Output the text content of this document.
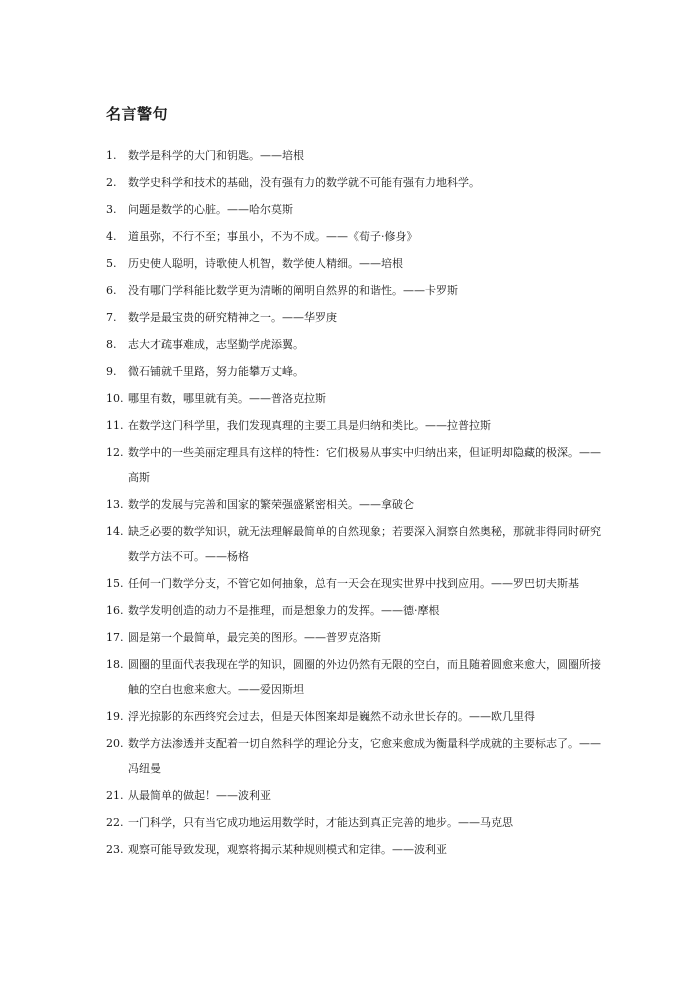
名言警句
1.	数学是科学的大门和钥匙。——培根
2.	数学史科学和技术的基础，没有强有力的数学就不可能有强有力地科学。
3.	问题是数学的心脏。——哈尔莫斯
4.	道虽弥，不行不至；事虽小，不为不成。——《荀子·修身》
5.	历史使人聪明，诗歌使人机智，数学使人精细。——培根
6.	没有哪门学科能比数学更为清晰的阐明自然界的和谐性。——卡罗斯
7.	数学是最宝贵的研究精神之一。——华罗庚
8.	志大才疏事难成，志坚勤学虎添翼。
9.	微石铺就千里路，努力能攀万丈峰。
10. 哪里有数，哪里就有美。——普洛克拉斯
11. 在数学这门科学里，我们发现真理的主要工具是归纳和类比。——拉普拉斯
12. 数学中的一些美丽定理具有这样的特性：它们极易从事实中归纳出来，但证明却隐藏的极深。——高斯
13. 数学的发展与完善和国家的繁荣强盛紧密相关。——拿破仑
14. 缺乏必要的数学知识，就无法理解最简单的自然现象；若要深入洞察自然奥秘，那就非得同时研究数学方法不可。——杨格
15. 任何一门数学分支，不管它如何抽象，总有一天会在现实世界中找到应用。——罗巴切夫斯基
16. 数学发明创造的动力不是推理，而是想象力的发挥。——德·摩根
17. 圆是第一个最简单，最完美的图形。——普罗克洛斯
18. 圆圈的里面代表我现在学的知识，圆圈的外边仍然有无限的空白，而且随着圆愈来愈大，圆圈所接触的空白也愈来愈大。——爱因斯坦
19. 浮光掠影的东西终究会过去，但是天体图案却是巍然不动永世长存的。——欧几里得
20. 数学方法渗透并支配着一切自然科学的理论分支，它愈来愈成为衡量科学成就的主要标志了。——冯纽曼
21. 从最简单的做起！——波利亚
22. 一门科学，只有当它成功地运用数学时，才能达到真正完善的地步。——马克思
23. 观察可能导致发现，观察将揭示某种规则模式和定律。——波利亚
